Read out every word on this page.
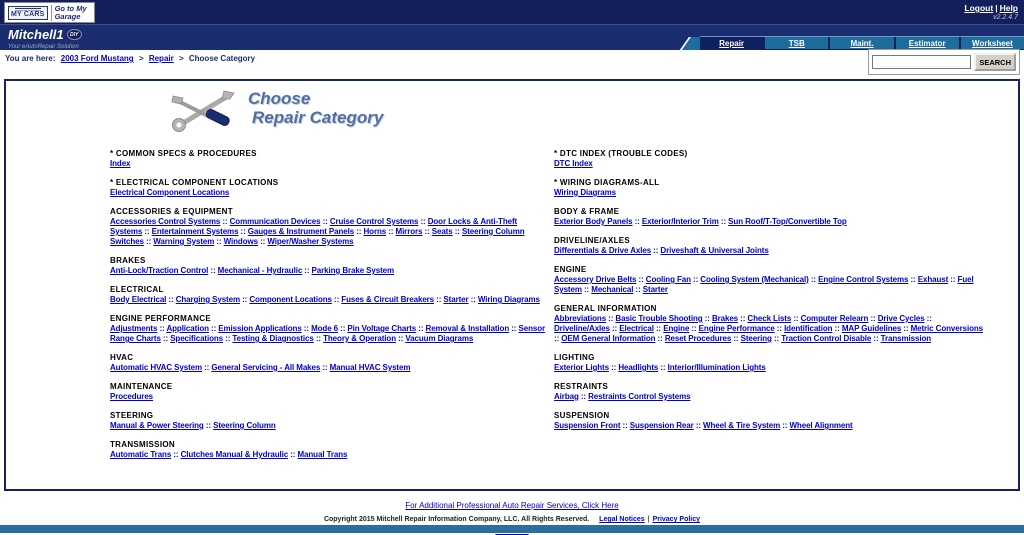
MY CARS
Go to My Garage
Logout | Help
v2.2.4.7
Mitchell1 DIY
Your eAutoRepair Solution	Repair	TSB	Maint.	Estimator	Worksheet
You are here: 2003 Ford Mustang > Repair > Choose Category	SEARCH
Choose
Repair Category
* COMMON SPECS & PROCEDURES
Index
* ELECTRICAL COMPONENT LOCATIONS
Electrical Component Locations
ACCESSORIES & EQUIPMENT
Accessories Control Systems :: Communication Devices :: Cruise Control Systems :: Door Locks & Anti-Theft Systems :: Entertainment Systems :: Gauges & Instrument Panels :: Horns :: Mirrors :: Seats :: Steering Column Switches :: Warning System :: Windows :: Wiper/Washer Systems
BRAKES
Anti-Lock/Traction Control :: Mechanical - Hydraulic :: Parking Brake System
ELECTRICAL
Body Electrical :: Charging System :: Component Locations :: Fuses & Circuit Breakers :: Starter :: Wiring Diagrams
ENGINE PERFORMANCE
Adjustments :: Application :: Emission Applications :: Mode 6 :: Pin Voltage Charts :: Removal & Installation :: Sensor Range Charts :: Specifications :: Testing & Diagnostics :: Theory & Operation :: Vacuum Diagrams
HVAC
Automatic HVAC System :: General Servicing - All Makes :: Manual HVAC System
MAINTENANCE
Procedures
STEERING
Manual & Power Steering :: Steering Column
TRANSMISSION
Automatic Trans :: Clutches Manual & Hydraulic :: Manual Trans
* DTC INDEX (TROUBLE CODES)
DTC Index
* WIRING DIAGRAMS-ALL
Wiring Diagrams
BODY & FRAME
Exterior Body Panels :: Exterior/Interior Trim :: Sun Roof/T-Top/Convertible Top
DRIVELINE/AXLES
Differentials & Drive Axles :: Driveshaft & Universal Joints
ENGINE
Accessory Drive Belts :: Cooling Fan :: Cooling System (Mechanical) :: Engine Control Systems :: Exhaust :: Fuel System :: Mechanical :: Starter
GENERAL INFORMATION
Abbreviations :: Basic Trouble Shooting :: Brakes :: Check Lists :: Computer Relearn :: Drive Cycles :: Driveline/Axles :: Electrical :: Engine :: Engine Performance :: Identification :: MAP Guidelines :: Metric Conversions :: OEM General Information :: Reset Procedures :: Steering :: Traction Control Disable :: Transmission
LIGHTING
Exterior Lights :: Headlights :: Interior/Illumination Lights
RESTRAINTS
Airbag :: Restraints Control Systems
SUSPENSION
Suspension Front :: Suspension Rear :: Wheel & Tire System :: Wheel Alignment
For Additional Professional Auto Repair Services, Click Here
Copyright 2015 Mitchell Repair Information Company, LLC. All Rights Reserved. Legal Notices | Privacy Policy
